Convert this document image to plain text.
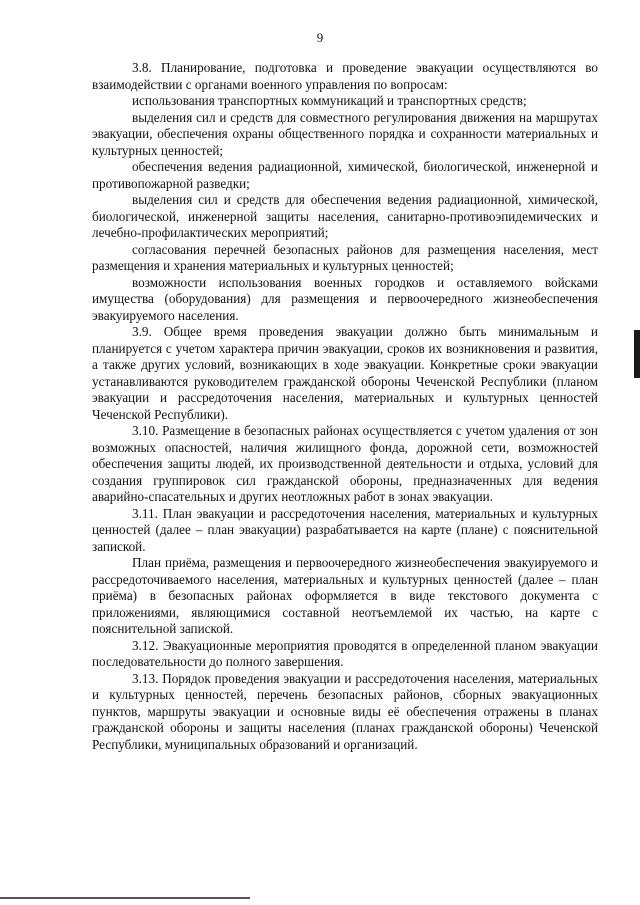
9

3.8. Планирование, подготовка и проведение эвакуации осуществляются во взаимодействии с органами военного управления по вопросам:

использования транспортных коммуникаций и транспортных средств;

выделения сил и средств для совместного регулирования движения на маршрутах эвакуации, обеспечения охраны общественного порядка и сохранности материальных и культурных ценностей;

обеспечения ведения радиационной, химической, биологической, инженерной и противопожарной разведки;

выделения сил и средств для обеспечения ведения радиационной, химической, биологической, инженерной защиты населения, санитарно-противоэпидемических и лечебно-профилактических мероприятий;

согласования перечней безопасных районов для размещения населения, мест размещения и хранения материальных и культурных ценностей;

возможности использования военных городков и оставляемого войсками имущества (оборудования) для размещения и первоочередного жизнеобеспечения эвакуируемого населения.

3.9. Общее время проведения эвакуации должно быть минимальным и планируется с учетом характера причин эвакуации, сроков их возникновения и развития, а также других условий, возникающих в ходе эвакуации. Конкретные сроки эвакуации устанавливаются руководителем гражданской обороны Чеченской Республики (планом эвакуации и рассредоточения населения, материальных и культурных ценностей Чеченской Республики).

3.10. Размещение в безопасных районах осуществляется с учетом удаления от зон возможных опасностей, наличия жилищного фонда, дорожной сети, возможностей обеспечения защиты людей, их производственной деятельности и отдыха, условий для создания группировок сил гражданской обороны, предназначенных для ведения аварийно-спасательных и других неотложных работ в зонах эвакуации.

3.11. План эвакуации и рассредоточения населения, материальных и культурных ценностей (далее – план эвакуации) разрабатывается на карте (плане) с пояснительной запиской.

План приёма, размещения и первоочередного жизнеобеспечения эвакуируемого и рассредоточиваемого населения, материальных и культурных ценностей (далее – план приёма) в безопасных районах оформляется в виде текстового документа с приложениями, являющимися составной неотъемлемой их частью, на карте с пояснительной запиской.

3.12. Эвакуационные мероприятия проводятся в определенной планом эвакуации последовательности до полного завершения.

3.13. Порядок проведения эвакуации и рассредоточения населения, материальных и культурных ценностей, перечень безопасных районов, сборных эвакуационных пунктов, маршруты эвакуации и основные виды её обеспечения отражены в планах гражданской обороны и защиты населения (планах гражданской обороны) Чеченской Республики, муниципальных образований и организаций.
